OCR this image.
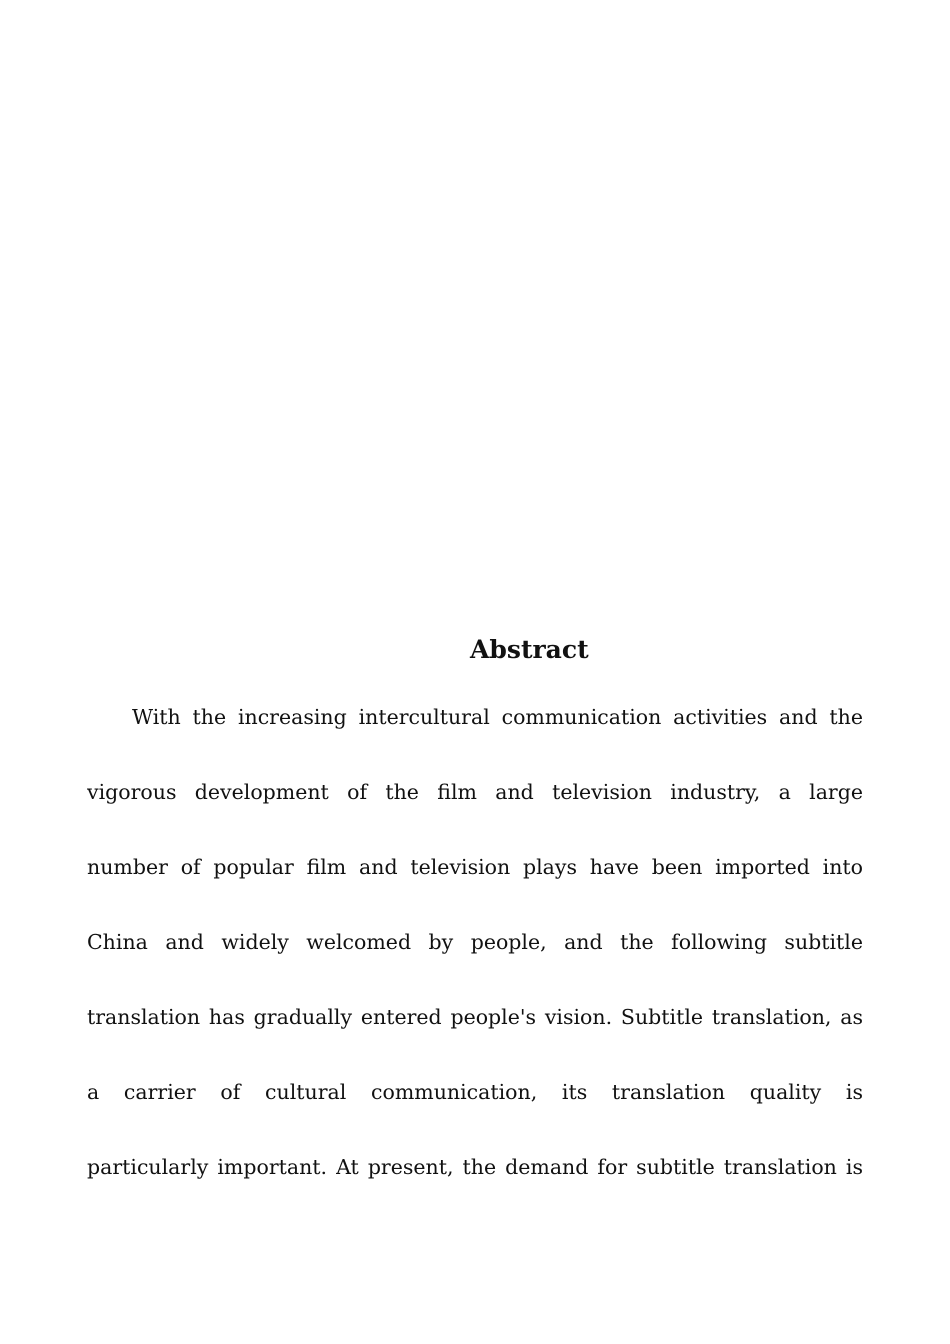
Abstract
With the increasing intercultural communication activities and the
vigorous development of the film and television industry, a large
number of popular film and television plays have been imported into
China and widely welcomed by people, and the following subtitle
translation has gradually entered people's vision. Subtitle translation, as
a carrier of cultural communication, its translation quality is
particularly important. At present, the demand for subtitle translation is
